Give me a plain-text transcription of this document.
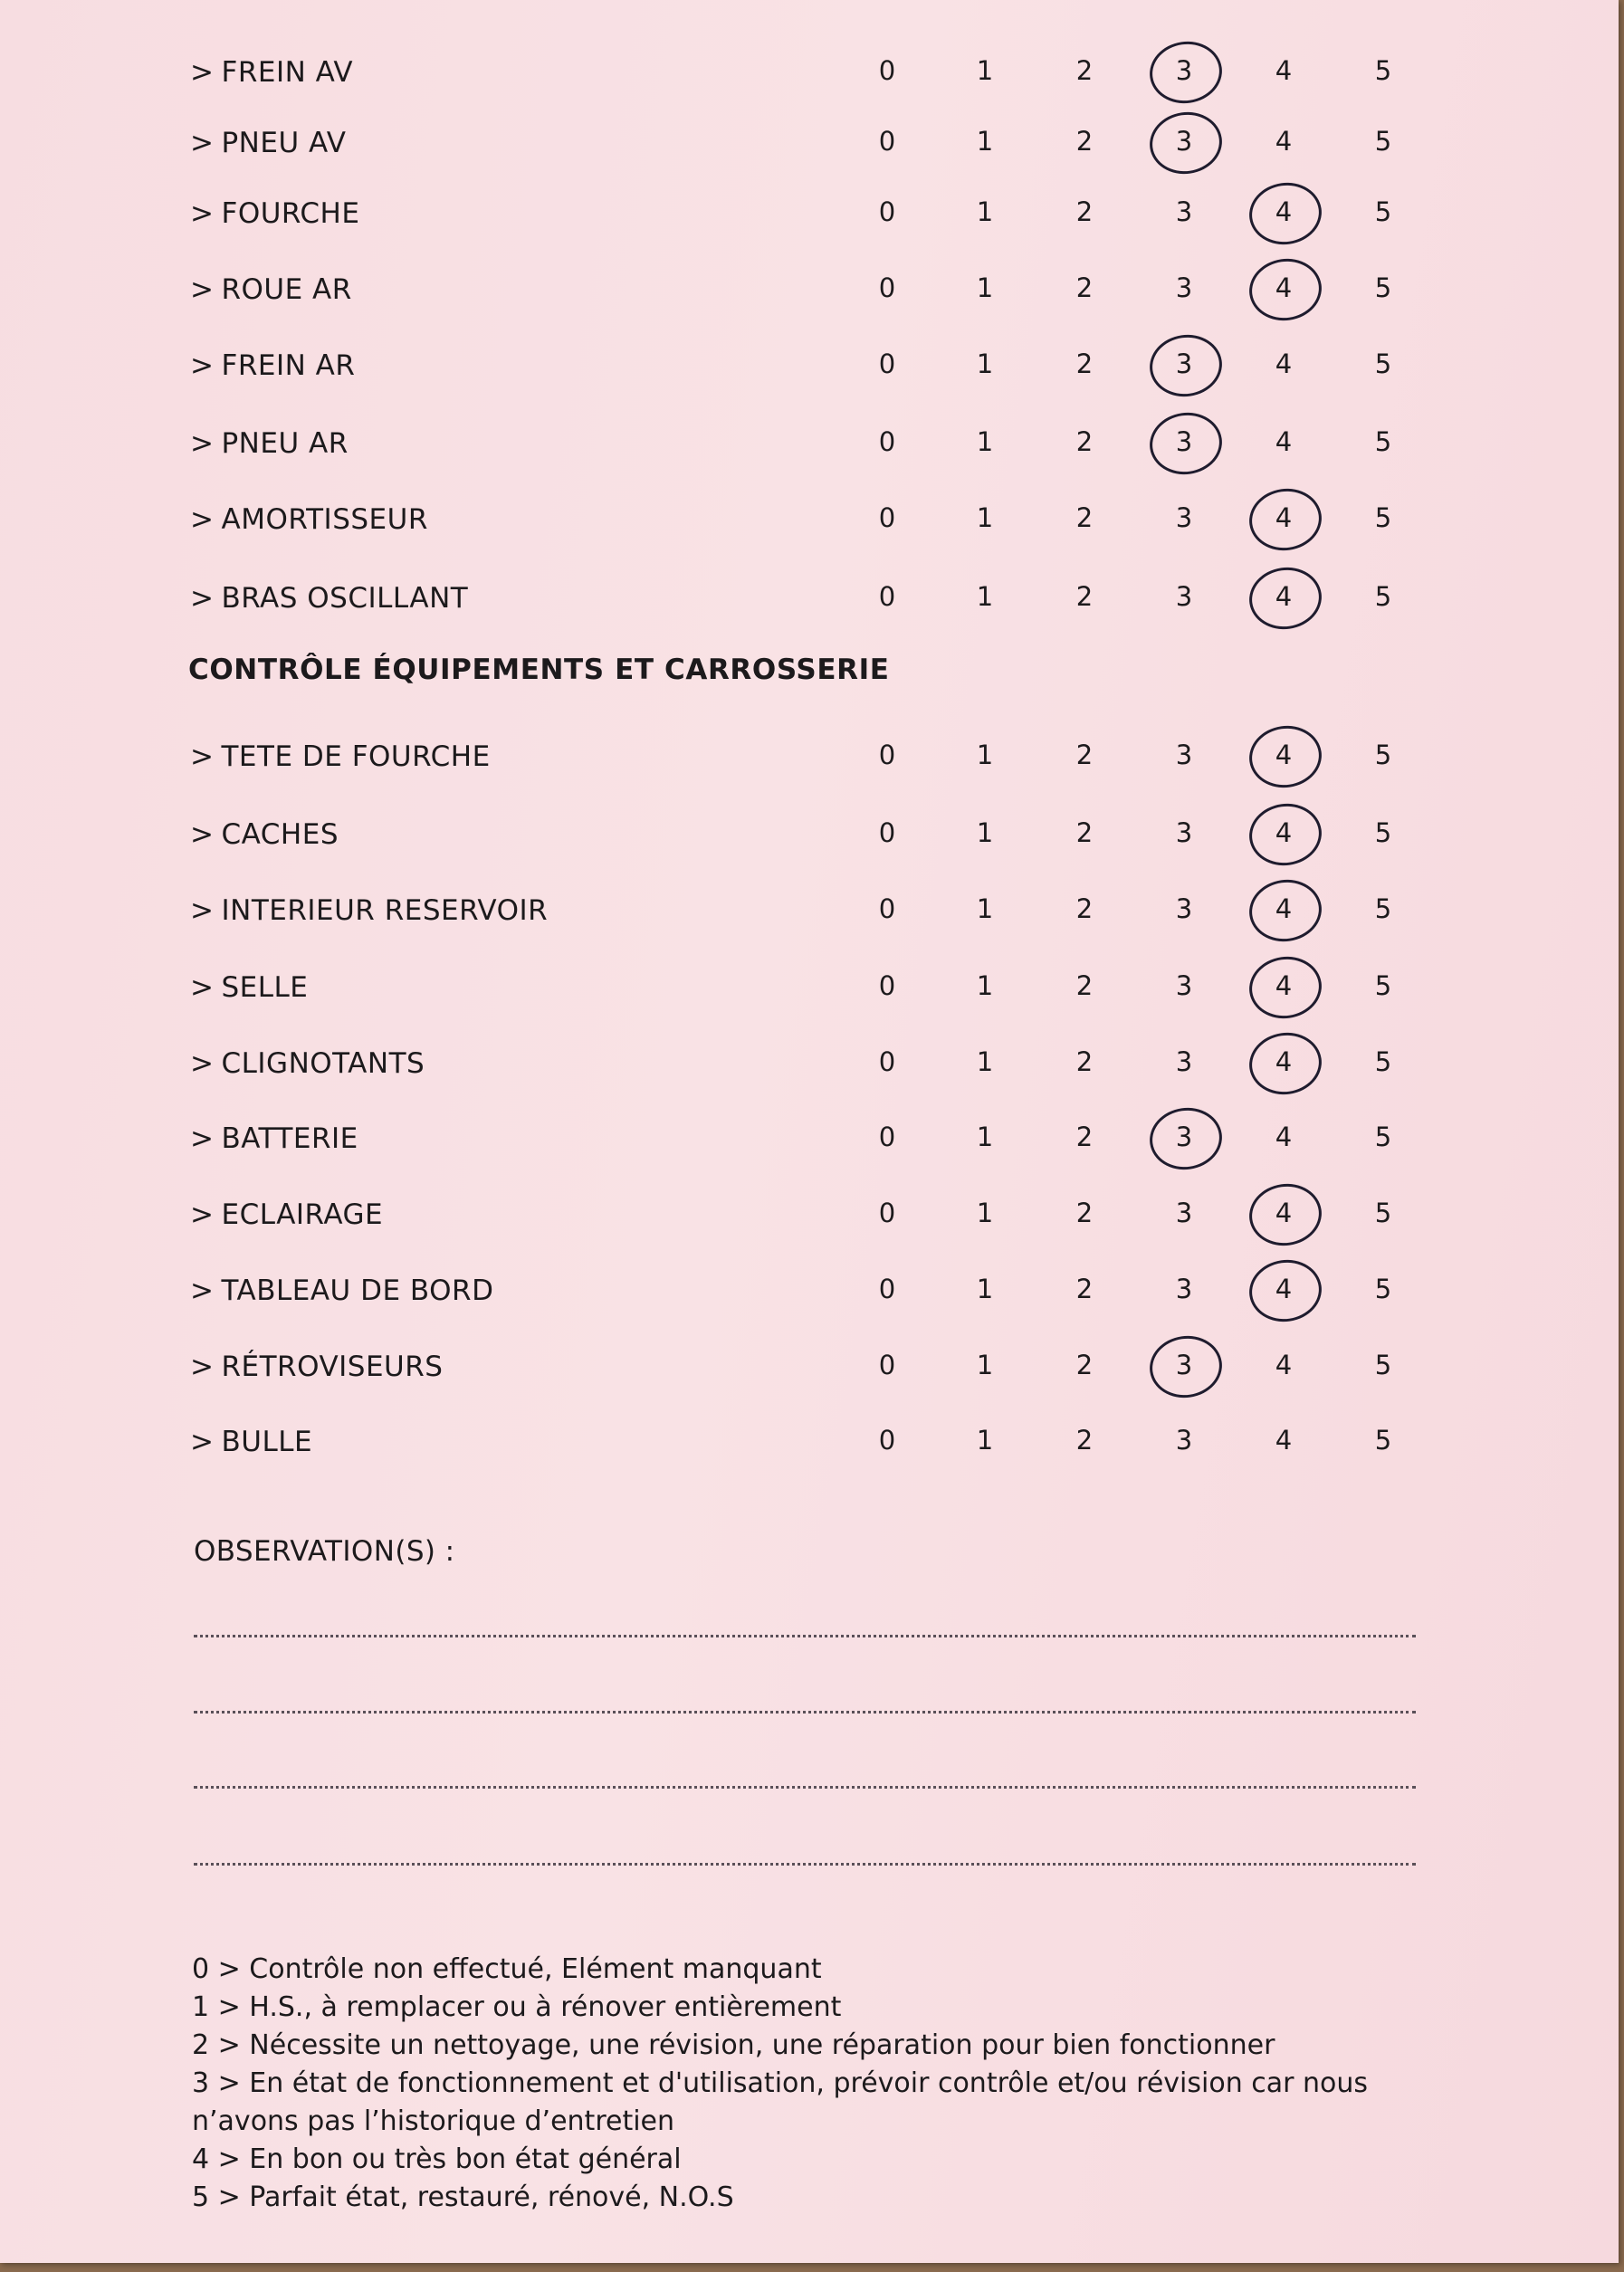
> FREIN AV	0	1	2	3	4	5
> PNEU AV	0	1	2	3	4	5
> FOURCHE	0	1	2	3	4	5
> ROUE AR	0	1	2	3	4	5
> FREIN AR	0	1	2	3	4	5
> PNEU AR	0	1	2	3	4	5
> AMORTISSEUR	0	1	2	3	4	5
> BRAS OSCILLANT	0	1	2	3	4	5
CONTRÔLE ÉQUIPEMENTS ET CARROSSERIE
> TETE DE FOURCHE	0	1	2	3	4	5
> CACHES	0	1	2	3	4	5
> INTERIEUR RESERVOIR	0	1	2	3	4	5
> SELLE	0	1	2	3	4	5
> CLIGNOTANTS	0	1	2	3	4	5
> BATTERIE	0	1	2	3	4	5
> ECLAIRAGE	0	1	2	3	4	5
> TABLEAU DE BORD	0	1	2	3	4	5
> RÉTROVISEURS	0	1	2	3	4	5
> BULLE	0	1	2	3	4	5
OBSERVATION(S) :
0 > Contrôle non effectué, Elément manquant
1 > H.S., à remplacer ou à rénover entièrement
2 > Nécessite un nettoyage, une révision, une réparation pour bien fonctionner
3 > En état de fonctionnement et d'utilisation, prévoir contrôle et/ou révision car nous
n’avons pas l’historique d’entretien
4 > En bon ou très bon état général
5 > Parfait état, restauré, rénové, N.O.S
